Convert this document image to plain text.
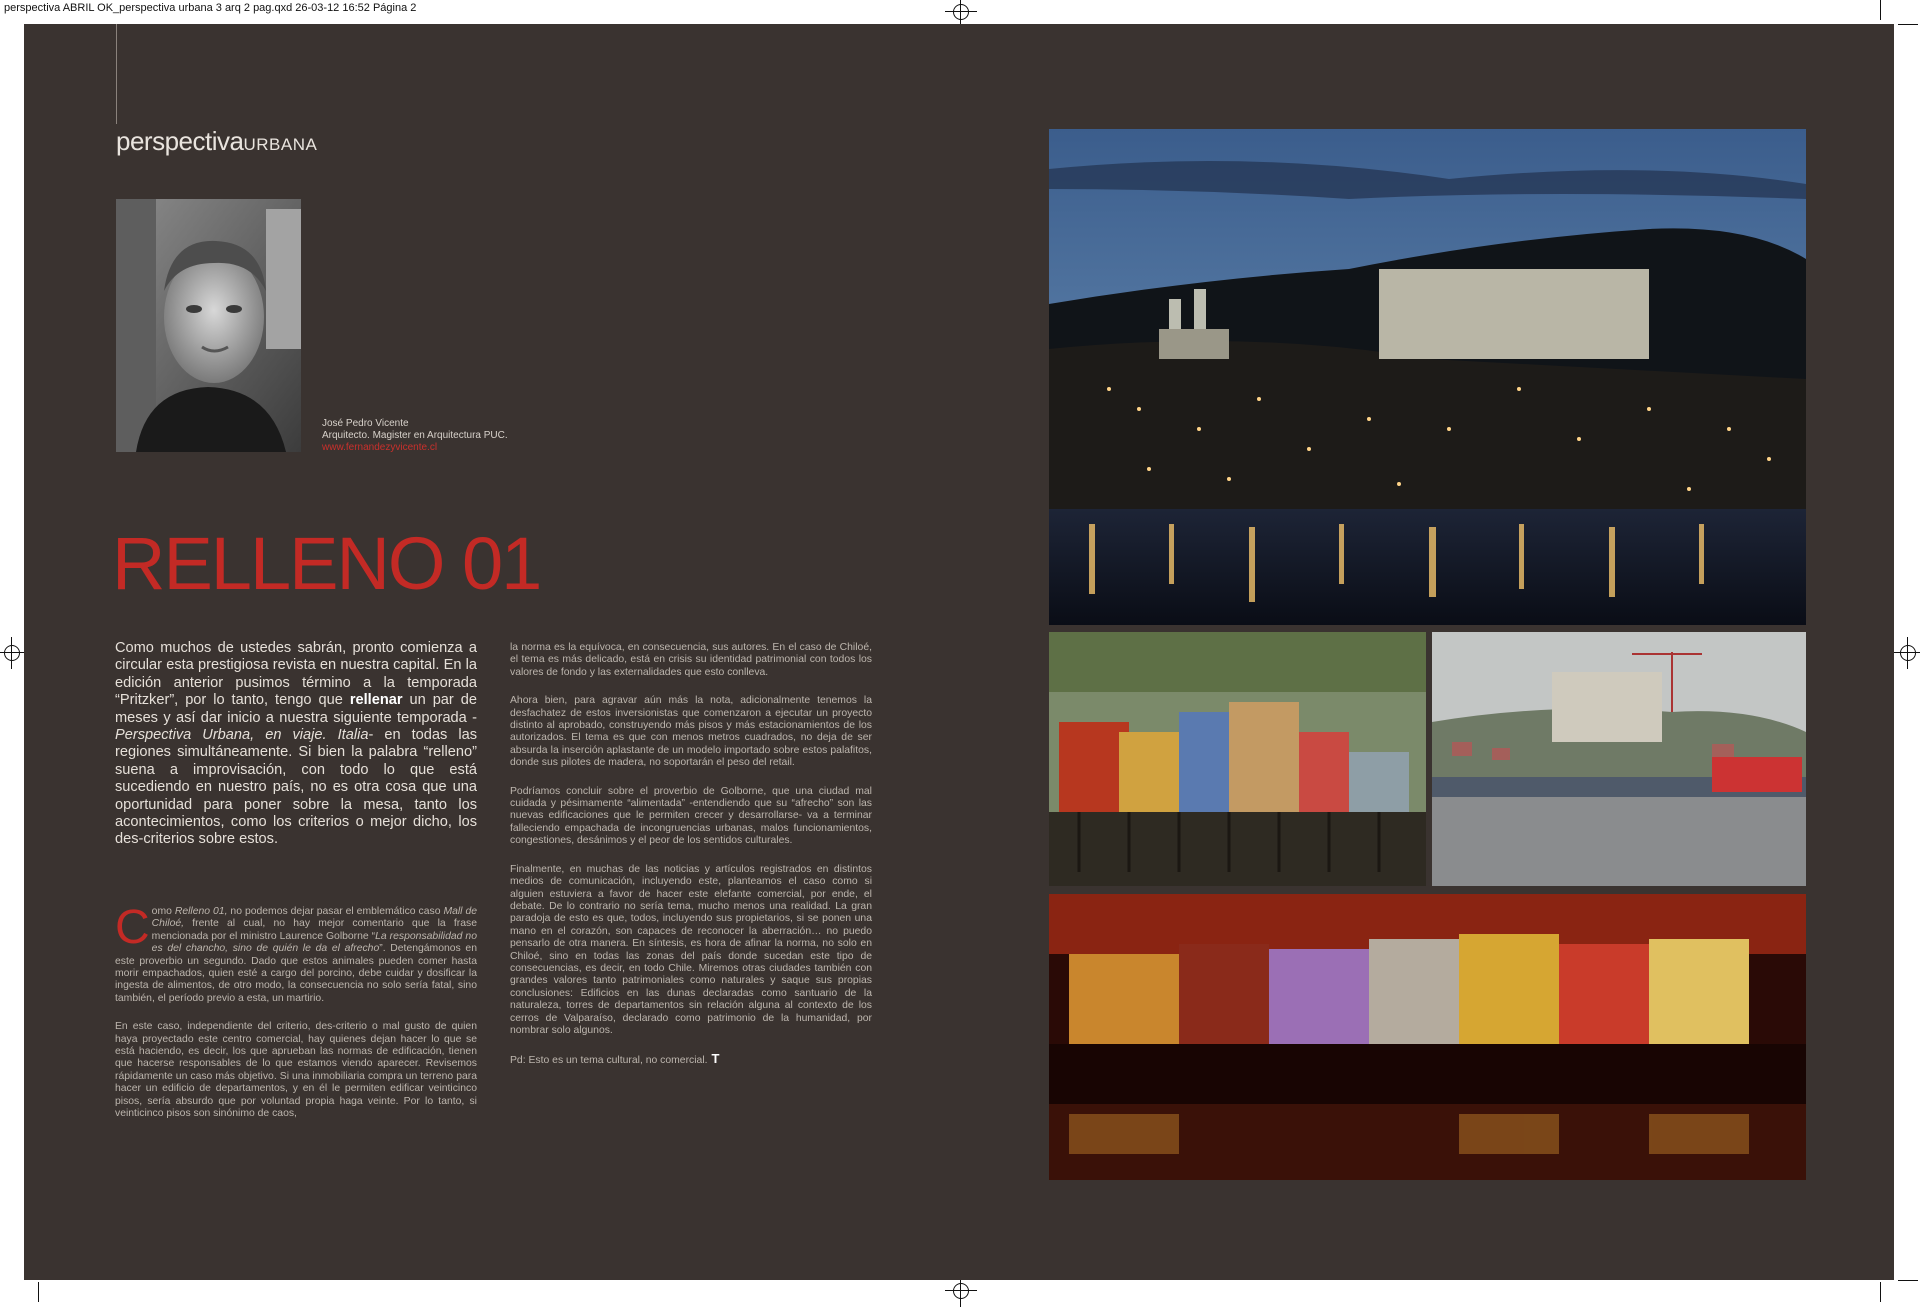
perspectiva ABRIL OK_perspectiva urbana 3 arq 2 pag.qxd 26-03-12 16:52 Página 2
perspectivaURBANA
José Pedro Vicente
Arquitecto. Magister en Arquitectura PUC.
www.fernandezyvicente.cl
RELLENO 01
Como muchos de ustedes sabrán, pronto comienza a circular esta prestigiosa revista en nuestra capital. En la edición anterior pusimos término a la temporada “Pritzker”, por lo tanto, tengo que rellenar un par de meses y así dar inicio a nuestra siguiente temporada -Perspectiva Urbana, en viaje. Italia- en todas las regiones simultáneamente. Si bien la palabra “relleno” suena a improvisación, con todo lo que está sucediendo en nuestro país, no es otra cosa que una oportunidad para poner sobre la mesa, tanto los acontecimientos, como los criterios o mejor dicho, los des-criterios sobre estos.

Como Relleno 01, no podemos dejar pasar el emblemático caso Mall de Chiloé, frente al cual, no hay mejor comentario que la frase mencionada por el ministro Laurence Golborne “La responsabilidad no es del chancho, sino de quién le da el afrecho”. Detengámonos en este proverbio un segundo. Dado que estos animales pueden comer hasta morir empachados, quien esté a cargo del porcino, debe cuidar y dosificar la ingesta de alimentos, de otro modo, la consecuencia no solo sería fatal, sino también, el período previo a esta, un martirio.

En este caso, independiente del criterio, des-criterio o mal gusto de quien haya proyectado este centro comercial, hay quienes dejan hacer lo que se está haciendo, es decir, los que aprueban las normas de edificación, tienen que hacerse responsables de lo que estamos viendo aparecer. Revisemos rápidamente un caso más objetivo. Si una inmobiliaria compra un terreno para hacer un edificio de departamentos, y en él le permiten edificar veinticinco pisos, sería absurdo que por voluntad propia haga veinte. Por lo tanto, si veinticinco pisos son sinónimo de caos,

la norma es la equívoca, en consecuencia, sus autores. En el caso de Chiloé, el tema es más delicado, está en crisis su identidad patrimonial con todos los valores de fondo y las externalidades que esto conlleva.

Ahora bien, para agravar aún más la nota, adicionalmente tenemos la desfachatez de estos inversionistas que comenzaron a ejecutar un proyecto distinto al aprobado, construyendo más pisos y más estacionamientos de los autorizados. El tema es que con menos metros cuadrados, no deja de ser absurda la inserción aplastante de un modelo importado sobre estos palafitos, donde sus pilotes de madera, no soportarán el peso del retail.

Podríamos concluir sobre el proverbio de Golborne, que una ciudad mal cuidada y pésimamente “alimentada” -entendiendo que su “afrecho” son las nuevas edificaciones que le permiten crecer y desarrollarse- va a terminar falleciendo empachada de incongruencias urbanas, malos funcionamientos, congestiones, desánimos y el peor de los sentidos culturales.

Finalmente, en muchas de las noticias y artículos registrados en distintos medios de comunicación, incluyendo este, planteamos el caso como si alguien estuviera a favor de hacer este elefante comercial, por ende, el debate. De lo contrario no sería tema, mucho menos una realidad. La gran paradoja de esto es que, todos, incluyendo sus propietarios, si se ponen una mano en el corazón, son capaces de reconocer la aberración… no puedo pensarlo de otra manera. En síntesis, es hora de afinar la norma, no solo en Chiloé, sino en todas las zonas del país donde sucedan este tipo de consecuencias, es decir, en todo Chile. Miremos otras ciudades también con grandes valores tanto patrimoniales como naturales y saque sus propias conclusiones: Edificios en las dunas declaradas como santuario de la naturaleza, torres de departamentos sin relación alguna al contexto de los cerros de Valparaíso, declarado como patrimonio de la humanidad, por nombrar solo algunos.

Pd: Esto es un tema cultural, no comercial. T
